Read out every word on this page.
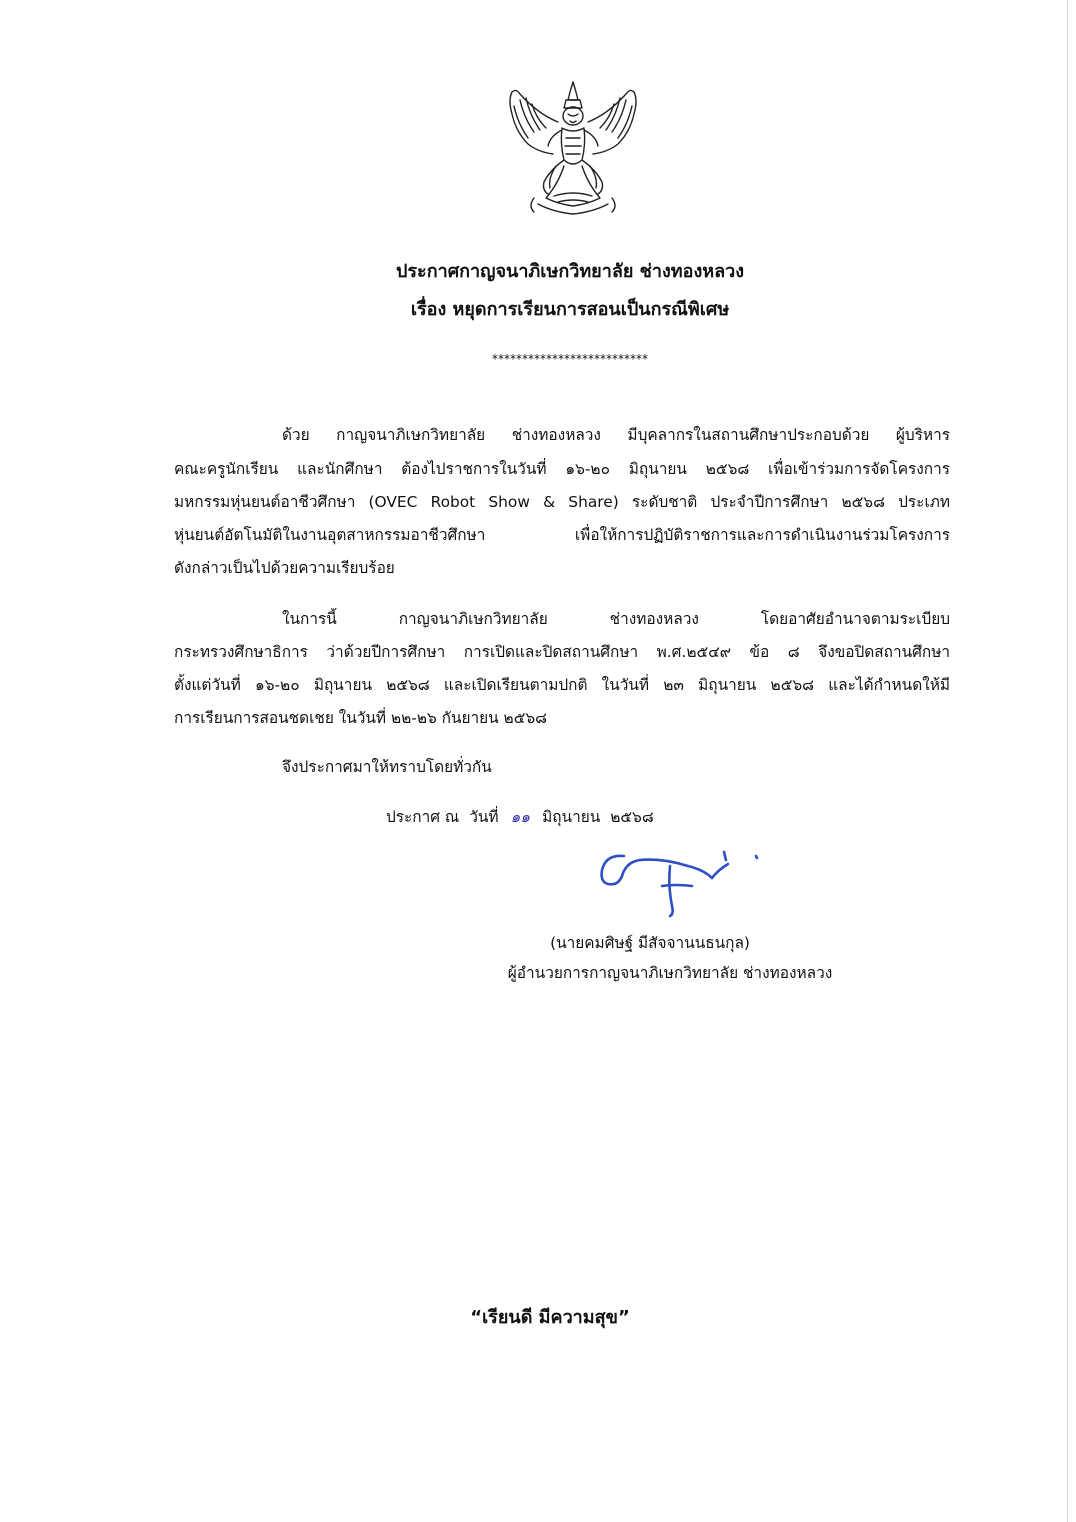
ประกาศกาญจนาภิเษกวิทยาลัย ช่างทองหลวง
เรื่อง หยุดการเรียนการสอนเป็นกรณีพิเศษ
**************************
ด้วย กาญจนาภิเษกวิทยาลัย ช่างทองหลวง มีบุคลากรในสถานศึกษาประกอบด้วย ผู้บริหาร
คณะครูนักเรียน และนักศึกษา ต้องไปราชการในวันที่ ๑๖-๒๐ มิถุนายน ๒๕๖๘ เพื่อเข้าร่วมการจัดโครงการ
มหกรรมหุ่นยนต์อาชีวศึกษา (OVEC Robot Show & Share) ระดับชาติ ประจำปีการศึกษา ๒๕๖๘ ประเภท
หุ่นยนต์อัตโนมัติในงานอุตสาหกรรมอาชีวศึกษา เพื่อให้การปฏิบัติราชการและการดำเนินงานร่วมโครงการ
ดังกล่าวเป็นไปด้วยความเรียบร้อย
ในการนี้ กาญจนาภิเษกวิทยาลัย ช่างทองหลวง โดยอาศัยอำนาจตามระเบียบ
กระทรวงศึกษาธิการ ว่าด้วยปีการศึกษา การเปิดและปิดสถานศึกษา พ.ศ.๒๕๔๙ ข้อ ๘ จึงขอปิดสถานศึกษา
ตั้งแต่วันที่ ๑๖-๒๐ มิถุนายน ๒๕๖๘ และเปิดเรียนตามปกติ ในวันที่ ๒๓ มิถุนายน ๒๕๖๘ และได้กำหนดให้มี
การเรียนการสอนชดเชย ในวันที่ ๒๒-๒๖ กันยายน ๒๕๖๘
จึงประกาศมาให้ทราบโดยทั่วกัน
ประกาศ ณ วันที่ ๑๑ มิถุนายน ๒๕๖๘
(นายคมศิษฐ์ มีสัจจานนธนกุล)
ผู้อำนวยการกาญจนาภิเษกวิทยาลัย ช่างทองหลวง
“เรียนดี มีความสุข”
